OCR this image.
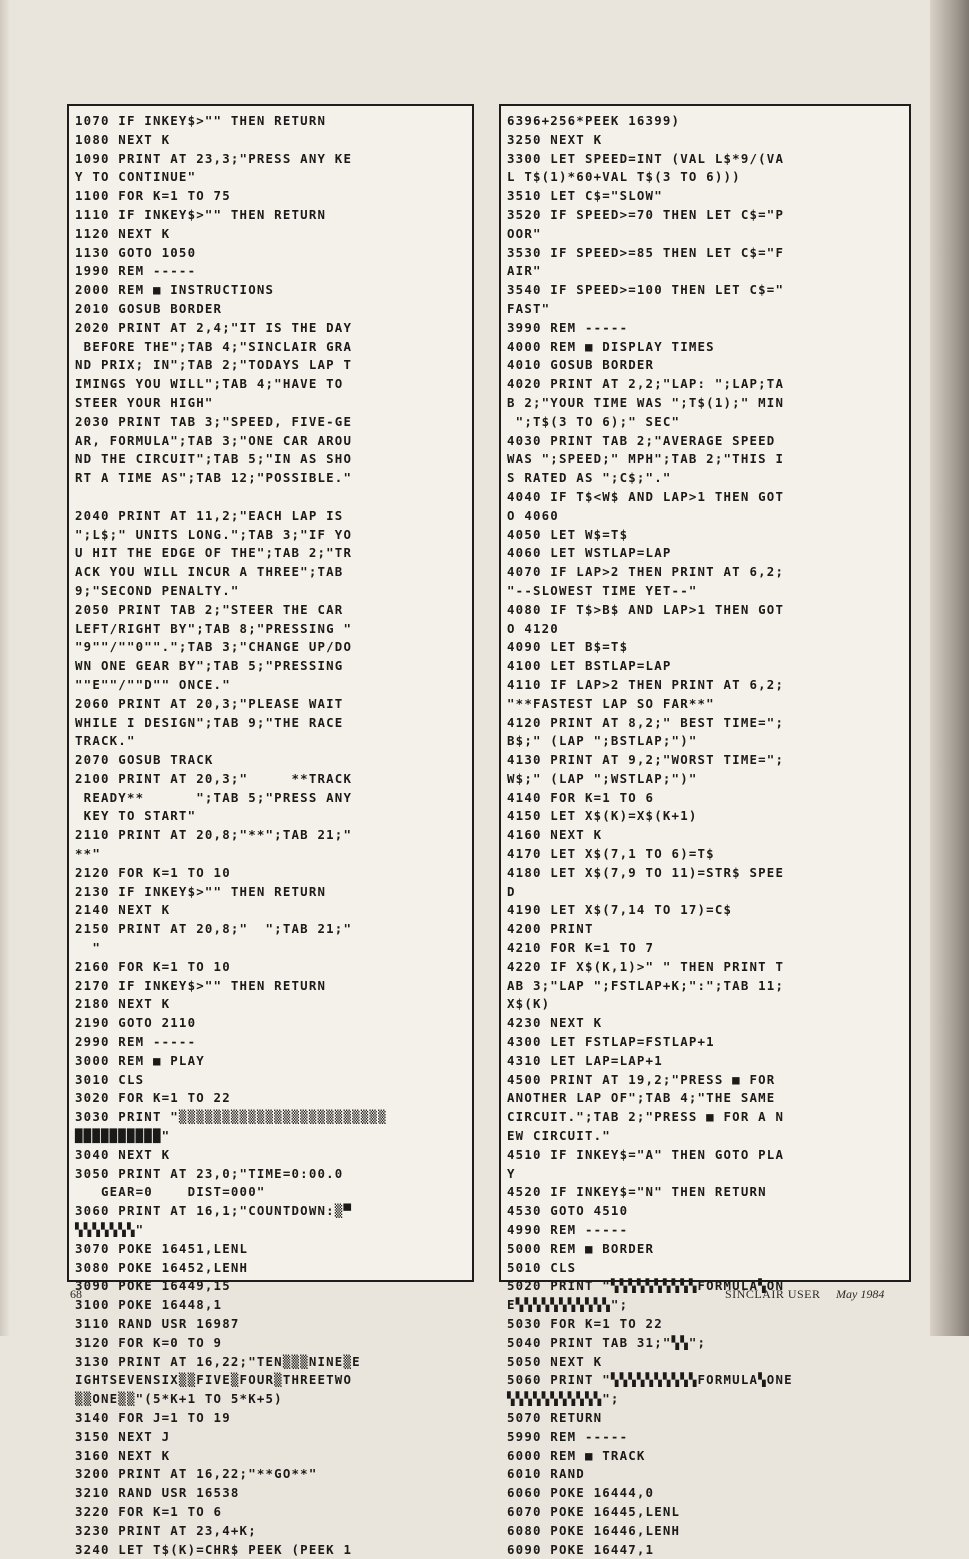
1070 IF INKEY$>"" THEN RETURN
1080 NEXT K
1090 PRINT AT 23,3;"PRESS ANY KE
Y TO CONTINUE"
1100 FOR K=1 TO 75
1110 IF INKEY$>"" THEN RETURN
1120 NEXT K
1130 GOTO 1050
1990 REM -----
2000 REM ■ INSTRUCTIONS
2010 GOSUB BORDER
2020 PRINT AT 2,4;"IT IS THE DAY
BEFORE THE";TAB 4;"SINCLAIR GRA
ND PRIX; IN";TAB 2;"TODAYS LAP T
IMINGS YOU WILL";TAB 4;"HAVE TO
STEER YOUR HIGH"
2030 PRINT TAB 3;"SPEED, FIVE-GE
AR, FORMULA";TAB 3;"ONE CAR AROU
ND THE CIRCUIT";TAB 5;"IN AS SHO
RT A TIME AS";TAB 12;"POSSIBLE."

2040 PRINT AT 11,2;"EACH LAP IS
";L$;" UNITS LONG.";TAB 3;"IF YO
U HIT THE EDGE OF THE";TAB 2;"TR
ACK YOU WILL INCUR A THREE";TAB
9;"SECOND PENALTY."
2050 PRINT TAB 2;"STEER THE CAR
LEFT/RIGHT BY";TAB 8;"PRESSING "
"9""/""0"".";TAB 3;"CHANGE UP/DO
WN ONE GEAR BY";TAB 5;"PRESSING
""E""/""D"" ONCE."
2060 PRINT AT 20,3;"PLEASE WAIT
WHILE I DESIGN";TAB 9;"THE RACE
TRACK."
2070 GOSUB TRACK
2100 PRINT AT 20,3;"     **TRACK
READY**      ";TAB 5;"PRESS ANY
KEY TO START"
2110 PRINT AT 20,8;"**";TAB 21;"
**"
2120 FOR K=1 TO 10
2130 IF INKEY$>"" THEN RETURN
2140 NEXT K
2150 PRINT AT 20,8;"  ";TAB 21;"
"
2160 FOR K=1 TO 10
2170 IF INKEY$>"" THEN RETURN
2180 NEXT K
2190 GOTO 2110
2990 REM -----
3000 REM ■ PLAY
3010 CLS
3020 FOR K=1 TO 22
3030 PRINT "▒▒▒▒▒▒▒▒▒▒▒▒▒▒▒▒▒▒▒▒▒▒▒▒
██████████"
3040 NEXT K
3050 PRINT AT 23,0;"TIME=0:00.0
GEAR=0    DIST=000"
3060 PRINT AT 16,1;"COUNTDOWN:▒▀
▚▚▚▚▚▚▚"
3070 POKE 16451,LENL
3080 POKE 16452,LENH
3090 POKE 16449,15
3100 POKE 16448,1
3110 RAND USR 16987
3120 FOR K=0 TO 9
3130 PRINT AT 16,22;"TEN▒▒▒NINE▒E
IGHTSEVENSIX▒▒FIVE▒FOUR▒THREETWO
▒▒ONE▒▒"(5*K+1 TO 5*K+5)
3140 FOR J=1 TO 19
3150 NEXT J
3160 NEXT K
3200 PRINT AT 16,22;"**GO**"
3210 RAND USR 16538
3220 FOR K=1 TO 6
3230 PRINT AT 23,4+K;
3240 LET T$(K)=CHR$ PEEK (PEEK 1
6396+256*PEEK 16399)
3250 NEXT K
3300 LET SPEED=INT (VAL L$*9/(VA
L T$(1)*60+VAL T$(3 TO 6)))
3510 LET C$="SLOW"
3520 IF SPEED>=70 THEN LET C$="P
OOR"
3530 IF SPEED>=85 THEN LET C$="F
AIR"
3540 IF SPEED>=100 THEN LET C$="
FAST"
3990 REM -----
4000 REM ■ DISPLAY TIMES
4010 GOSUB BORDER
4020 PRINT AT 2,2;"LAP: ";LAP;TA
B 2;"YOUR TIME WAS ";T$(1);" MIN
";T$(3 TO 6);" SEC"
4030 PRINT TAB 2;"AVERAGE SPEED
WAS ";SPEED;" MPH";TAB 2;"THIS I
S RATED AS ";C$;"."
4040 IF T$<W$ AND LAP>1 THEN GOT
O 4060
4050 LET W$=T$
4060 LET WSTLAP=LAP
4070 IF LAP>2 THEN PRINT AT 6,2;
"--SLOWEST TIME YET--"
4080 IF T$>B$ AND LAP>1 THEN GOT
O 4120
4090 LET B$=T$
4100 LET BSTLAP=LAP
4110 IF LAP>2 THEN PRINT AT 6,2;
"**FASTEST LAP SO FAR**"
4120 PRINT AT 8,2;" BEST TIME=";
B$;" (LAP ";BSTLAP;")"
4130 PRINT AT 9,2;"WORST TIME=";
W$;" (LAP ";WSTLAP;")"
4140 FOR K=1 TO 6
4150 LET X$(K)=X$(K+1)
4160 NEXT K
4170 LET X$(7,1 TO 6)=T$
4180 LET X$(7,9 TO 11)=STR$ SPEE
D
4190 LET X$(7,14 TO 17)=C$
4200 PRINT
4210 FOR K=1 TO 7
4220 IF X$(K,1)>" " THEN PRINT T
AB 3;"LAP ";FSTLAP+K;":";TAB 11;
X$(K)
4230 NEXT K
4300 LET FSTLAP=FSTLAP+1
4310 LET LAP=LAP+1
4500 PRINT AT 19,2;"PRESS ■ FOR
ANOTHER LAP OF";TAB 4;"THE SAME
CIRCUIT.";TAB 2;"PRESS ■ FOR A N
EW CIRCUIT."
4510 IF INKEY$="A" THEN GOTO PLA
Y
4520 IF INKEY$="N" THEN RETURN
4530 GOTO 4510
4990 REM -----
5000 REM ■ BORDER
5010 CLS
5020 PRINT "▚▚▚▚▚▚▚▚▚▚FORMULA▚ON
E▚▚▚▚▚▚▚▚▚▚▚";
5030 FOR K=1 TO 22
5040 PRINT TAB 31;"▚▚";
5050 NEXT K
5060 PRINT "▚▚▚▚▚▚▚▚▚▚FORMULA▚ONE
▚▚▚▚▚▚▚▚▚▚▚";
5070 RETURN
5990 REM -----
6000 REM ■ TRACK
6010 RAND
6060 POKE 16444,0
6070 POKE 16445,LENL
6080 POKE 16446,LENH
6090 POKE 16447,1
68	SINCLAIR USER May 1984
